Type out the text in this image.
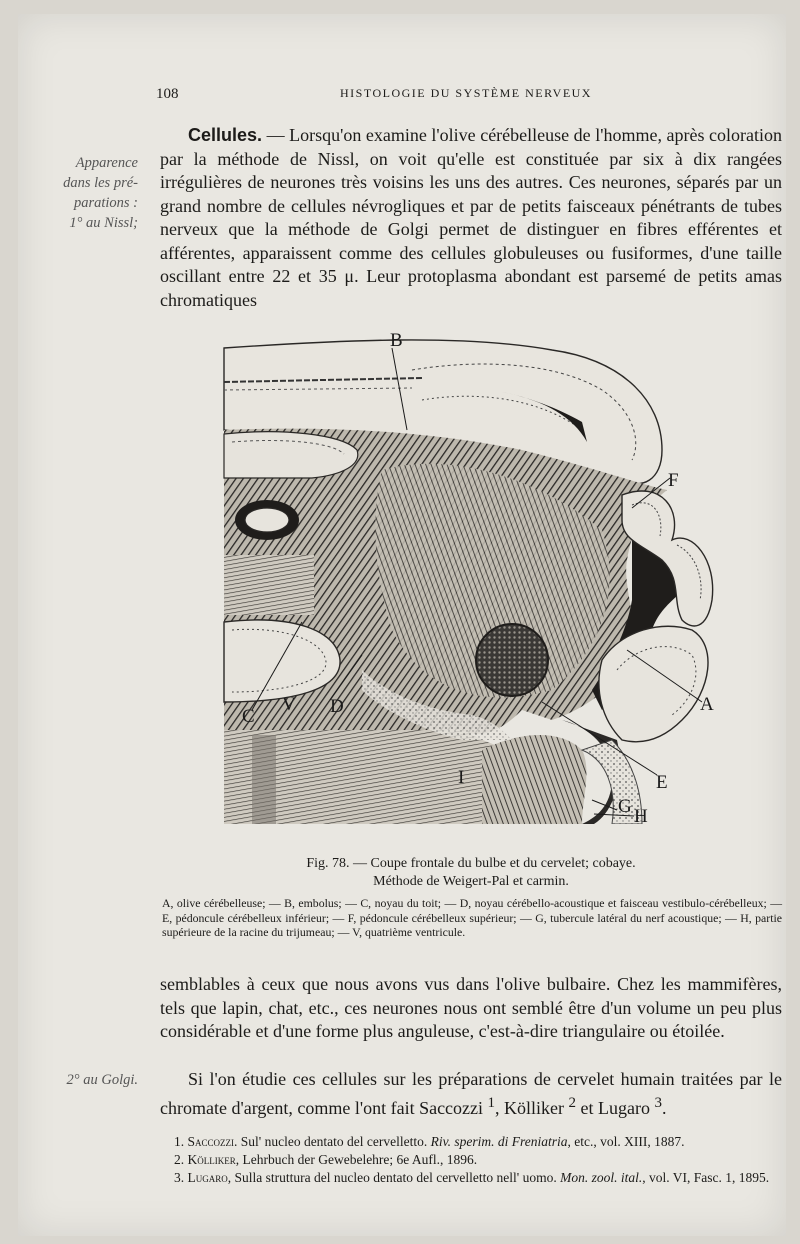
108	HISTOLOGIE DU SYSTÈME NERVEUX
Apparence
dans les pré-
parations :
1° au Nissl;
Cellules. — Lorsqu'on examine l'olive cérébelleuse de l'homme, après coloration par la méthode de Nissl, on voit qu'elle est constituée par six à dix rangées irrégulières de neurones très voisins les uns des autres. Ces neurones, séparés par un grand nombre de cellules névrogliques et par de petits faisceaux pénétrants de tubes nerveux que la méthode de Golgi permet de distinguer en fibres efférentes et afférentes, apparaissent comme des cellules globuleuses ou fusiformes, d'une taille oscillant entre 22 et 35 μ. Leur protoplasma abondant est parsemé de petits amas chromatiques
B
F
A
E
G H
I
C
V D
Fig. 78. — Coupe frontale du bulbe et du cervelet; cobaye.
Méthode de Weigert-Pal et carmin.
A, olive cérébelleuse; — B, embolus; — C, noyau du toit; — D, noyau cérébello-acoustique et faisceau vestibulo-cérébelleux; — E, pédoncule cérébelleux inférieur; — F, pédoncule cérébelleux supérieur; — G, tubercule latéral du nerf acoustique; — H, partie supérieure de la racine du trijumeau; — V, quatrième ventricule.
semblables à ceux que nous avons vus dans l'olive bulbaire. Chez les mammifères, tels que lapin, chat, etc., ces neurones nous ont semblé être d'un volume un peu plus considérable et d'une forme plus anguleuse, c'est-à-dire triangulaire ou étoilée.
2° au Golgi.	Si l'on étudie ces cellules sur les préparations de cervelet humain traitées par le chromate d'argent, comme l'ont fait Saccozzi $^1$, Kölliker $^2$ et Lugaro $^3$.
1. Saccozzi. Sul' nucleo dentato del cervelletto. Riv. sperim. di Freniatria, etc., vol. XIII, 1887.
2. Kölliker, Lehrbuch der Gewebelehre; 6e Aufl., 1896.
3. Lugaro, Sulla struttura del nucleo dentato del cervelletto nell' uomo. Mon. zool. ital., vol. VI, Fasc. 1, 1895.
